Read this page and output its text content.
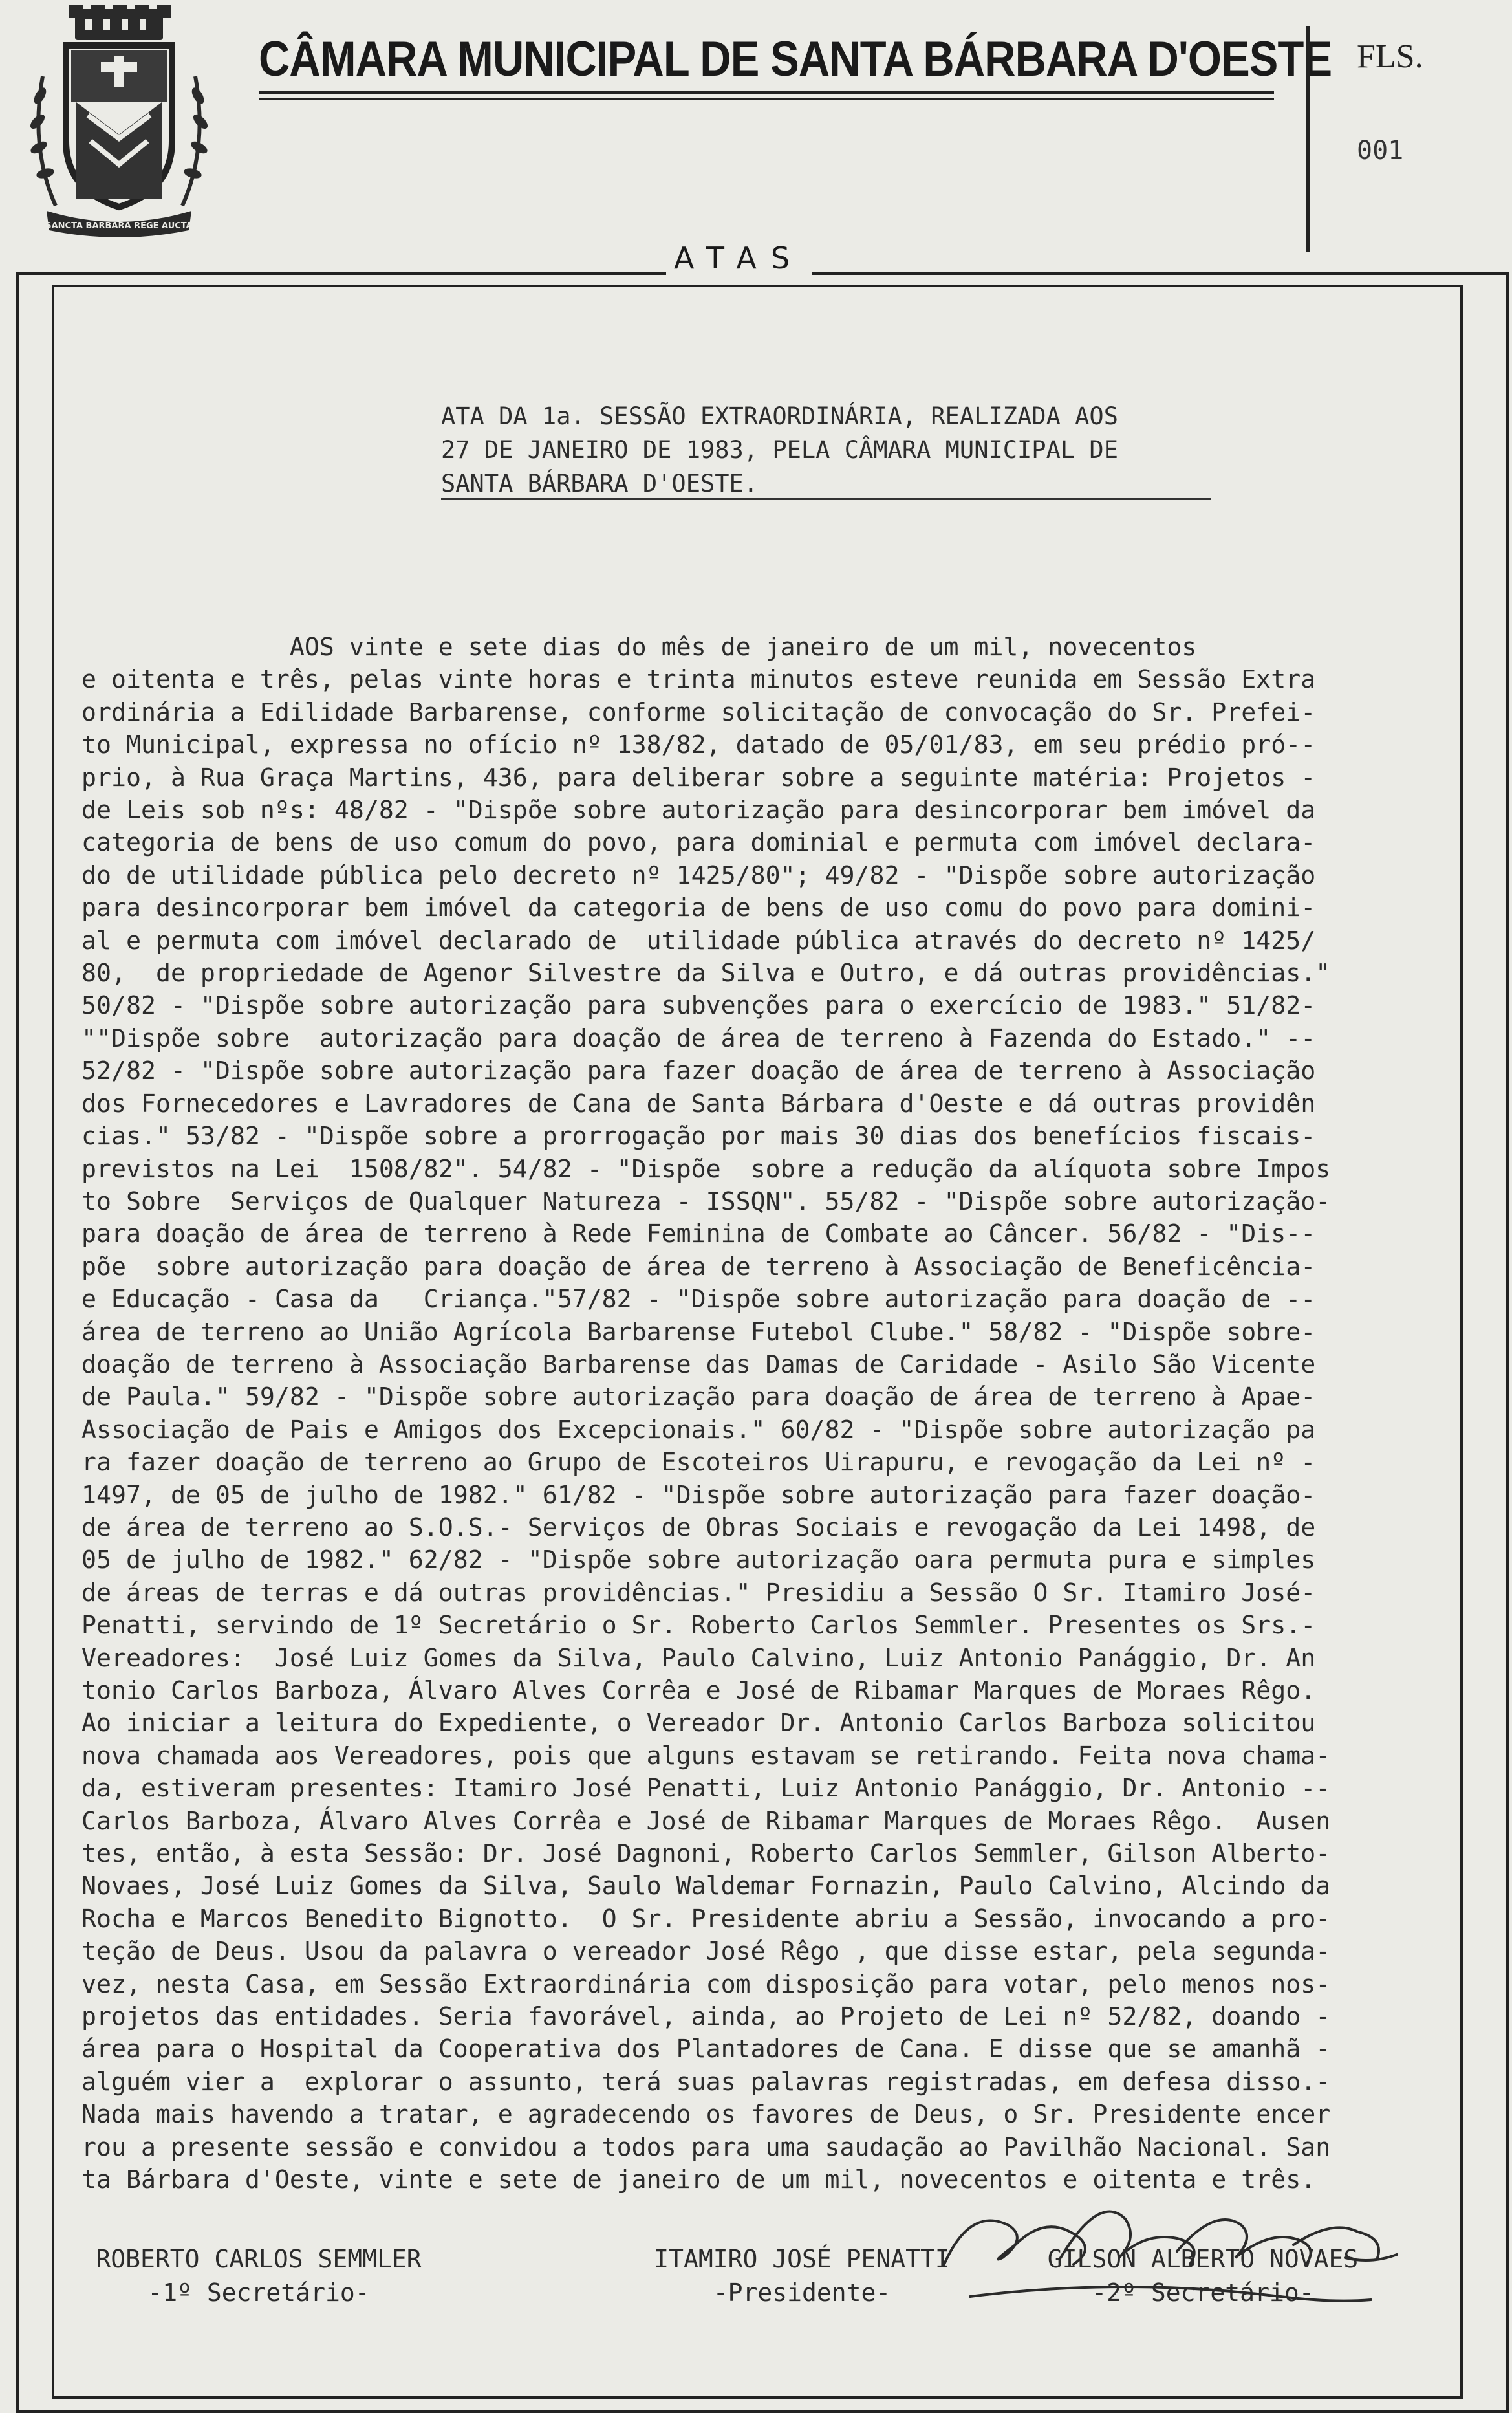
SANCTA BARBARA REGE AUCTA
CÂMARA MUNICIPAL DE SANTA BÁRBARA D'OESTE FLS.
001
ATAS
ATA DA 1a. SESSÃO EXTRAORDINÁRIA, REALIZADA AOS
27 DE JANEIRO DE 1983, PELA CÂMARA MUNICIPAL DE
SANTA BÁRBARA D'OESTE.
AOS vinte e sete dias do mês de janeiro de um mil, novecentos
e oitenta e três, pelas vinte horas e trinta minutos esteve reunida em Sessão Extra
ordinária a Edilidade Barbarense, conforme solicitação de convocação do Sr. Prefei-
to Municipal, expressa no ofício nº 138/82, datado de 05/01/83, em seu prédio pró--
prio, à Rua Graça Martins, 436, para deliberar sobre a seguinte matéria: Projetos -
de Leis sob nºs: 48/82 - "Dispõe sobre autorização para desincorporar bem imóvel da
categoria de bens de uso comum do povo, para dominial e permuta com imóvel declara-
do de utilidade pública pelo decreto nº 1425/80"; 49/82 - "Dispõe sobre autorização
para desincorporar bem imóvel da categoria de bens de uso comu do povo para domini-
al e permuta com imóvel declarado de  utilidade pública através do decreto nº 1425/
80,  de propriedade de Agenor Silvestre da Silva e Outro, e dá outras providências."
50/82 - "Dispõe sobre autorização para subvenções para o exercício de 1983." 51/82-
""Dispõe sobre  autorização para doação de área de terreno à Fazenda do Estado." --
52/82 - "Dispõe sobre autorização para fazer doação de área de terreno à Associação
dos Fornecedores e Lavradores de Cana de Santa Bárbara d'Oeste e dá outras providên
cias." 53/82 - "Dispõe sobre a prorrogação por mais 30 dias dos benefícios fiscais-
previstos na Lei  1508/82". 54/82 - "Dispõe  sobre a redução da alíquota sobre Impos
to Sobre  Serviços de Qualquer Natureza - ISSQN". 55/82 - "Dispõe sobre autorização-
para doação de área de terreno à Rede Feminina de Combate ao Câncer. 56/82 - "Dis--
põe  sobre autorização para doação de área de terreno à Associação de Beneficência-
e Educação - Casa da   Criança."57/82 - "Dispõe sobre autorização para doação de --
área de terreno ao União Agrícola Barbarense Futebol Clube." 58/82 - "Dispõe sobre-
doação de terreno à Associação Barbarense das Damas de Caridade - Asilo São Vicente
de Paula." 59/82 - "Dispõe sobre autorização para doação de área de terreno à Apae-
Associação de Pais e Amigos dos Excepcionais." 60/82 - "Dispõe sobre autorização pa
ra fazer doação de terreno ao Grupo de Escoteiros Uirapuru, e revogação da Lei nº -
1497, de 05 de julho de 1982." 61/82 - "Dispõe sobre autorização para fazer doação-
de área de terreno ao S.O.S.- Serviços de Obras Sociais e revogação da Lei 1498, de
05 de julho de 1982." 62/82 - "Dispõe sobre autorização oara permuta pura e simples
de áreas de terras e dá outras providências." Presidiu a Sessão O Sr. Itamiro José-
Penatti, servindo de 1º Secretário o Sr. Roberto Carlos Semmler. Presentes os Srs.-
Vereadores:  José Luiz Gomes da Silva, Paulo Calvino, Luiz Antonio Panággio, Dr. An
tonio Carlos Barboza, Álvaro Alves Corrêa e José de Ribamar Marques de Moraes Rêgo.
Ao iniciar a leitura do Expediente, o Vereador Dr. Antonio Carlos Barboza solicitou
nova chamada aos Vereadores, pois que alguns estavam se retirando. Feita nova chama-
da, estiveram presentes: Itamiro José Penatti, Luiz Antonio Panággio, Dr. Antonio --
Carlos Barboza, Álvaro Alves Corrêa e José de Ribamar Marques de Moraes Rêgo.  Ausen
tes, então, à esta Sessão: Dr. José Dagnoni, Roberto Carlos Semmler, Gilson Alberto-
Novaes, José Luiz Gomes da Silva, Saulo Waldemar Fornazin, Paulo Calvino, Alcindo da
Rocha e Marcos Benedito Bignotto.  O Sr. Presidente abriu a Sessão, invocando a pro-
teção de Deus. Usou da palavra o vereador José Rêgo , que disse estar, pela segunda-
vez, nesta Casa, em Sessão Extraordinária com disposição para votar, pelo menos nos-
projetos das entidades. Seria favorável, ainda, ao Projeto de Lei nº 52/82, doando -
área para o Hospital da Cooperativa dos Plantadores de Cana. E disse que se amanhã -
alguém vier a  explorar o assunto, terá suas palavras registradas, em defesa disso.-
Nada mais havendo a tratar, e agradecendo os favores de Deus, o Sr. Presidente encer
rou a presente sessão e convidou a todos para uma saudação ao Pavilhão Nacional. San
ta Bárbara d'Oeste, vinte e sete de janeiro de um mil, novecentos e oitenta e três.
ROBERTO CARLOS SEMMLER
-1º Secretário-
ITAMIRO JOSÉ PENATTI
-Presidente-
GILSON ALBERTO NOVAES
-2º Secretário-
